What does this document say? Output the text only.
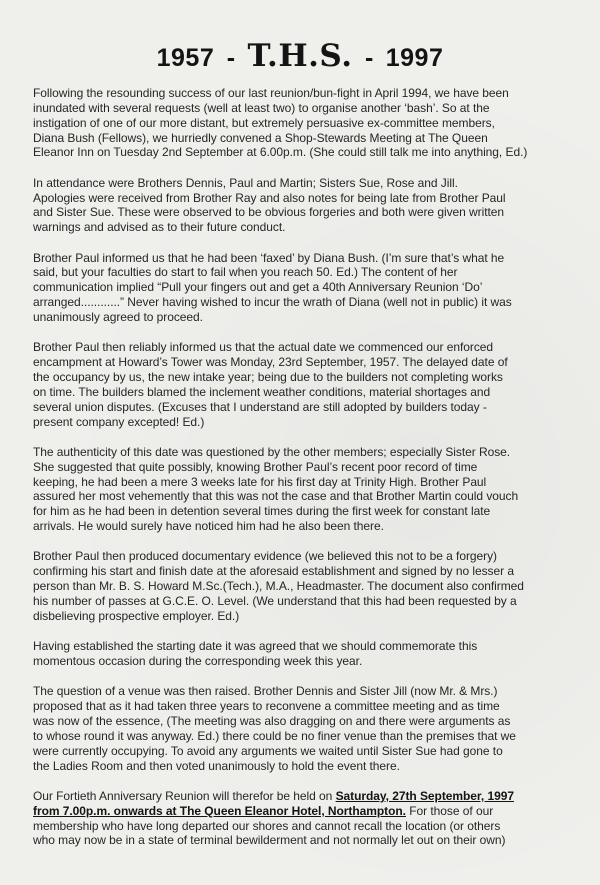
1957 - T.H.S. - 1997

Following the resounding success of our last reunion/bun-fight in April 1994, we have been
inundated with several requests (well at least two) to organise another ‘bash’. So at the
instigation of one of our more distant, but extremely persuasive ex-committee members,
Diana Bush (Fellows), we hurriedly convened a Shop-Stewards Meeting at The Queen
Eleanor Inn on Tuesday 2nd September at 6.00p.m. (She could still talk me into anything, Ed.)

In attendance were Brothers Dennis, Paul and Martin; Sisters Sue, Rose and Jill.
Apologies were received from Brother Ray and also notes for being late from Brother Paul
and Sister Sue. These were observed to be obvious forgeries and both were given written
warnings and advised as to their future conduct.

Brother Paul informed us that he had been ‘faxed’ by Diana Bush. (I’m sure that’s what he
said, but your faculties do start to fail when you reach 50. Ed.) The content of her
communication implied “Pull your fingers out and get a 40th Anniversary Reunion ‘Do’
arranged............” Never having wished to incur the wrath of Diana (well not in public) it was
unanimously agreed to proceed.

Brother Paul then reliably informed us that the actual date we commenced our enforced
encampment at Howard’s Tower was Monday, 23rd September, 1957. The delayed date of
the occupancy by us, the new intake year; being due to the builders not completing works
on time. The builders blamed the inclement weather conditions, material shortages and
several union disputes. (Excuses that I understand are still adopted by builders today -
present company excepted! Ed.)

The authenticity of this date was questioned by the other members; especially Sister Rose.
She suggested that quite possibly, knowing Brother Paul’s recent poor record of time
keeping, he had been a mere 3 weeks late for his first day at Trinity High. Brother Paul
assured her most vehemently that this was not the case and that Brother Martin could vouch
for him as he had been in detention several times during the first week for constant late
arrivals. He would surely have noticed him had he also been there.

Brother Paul then produced documentary evidence (we believed this not to be a forgery)
confirming his start and finish date at the aforesaid establishment and signed by no lesser a
person than Mr. B. S. Howard M.Sc.(Tech.), M.A., Headmaster. The document also confirmed
his number of passes at G.C.E. O. Level. (We understand that this had been requested by a
disbelieving prospective employer. Ed.)

Having established the starting date it was agreed that we should commemorate this
momentous occasion during the corresponding week this year.

The question of a venue was then raised. Brother Dennis and Sister Jill (now Mr. & Mrs.)
proposed that as it had taken three years to reconvene a committee meeting and as time
was now of the essence, (The meeting was also dragging on and there were arguments as
to whose round it was anyway. Ed.) there could be no finer venue than the premises that we
were currently occupying. To avoid any arguments we waited until Sister Sue had gone to
the Ladies Room and then voted unanimously to hold the event there.

Our Fortieth Anniversary Reunion will therefor be held on Saturday, 27th September, 1997
from 7.00p.m. onwards at The Queen Eleanor Hotel, Northampton. For those of our
membership who have long departed our shores and cannot recall the location (or others
who may now be in a state of terminal bewilderment and not normally let out on their own)
